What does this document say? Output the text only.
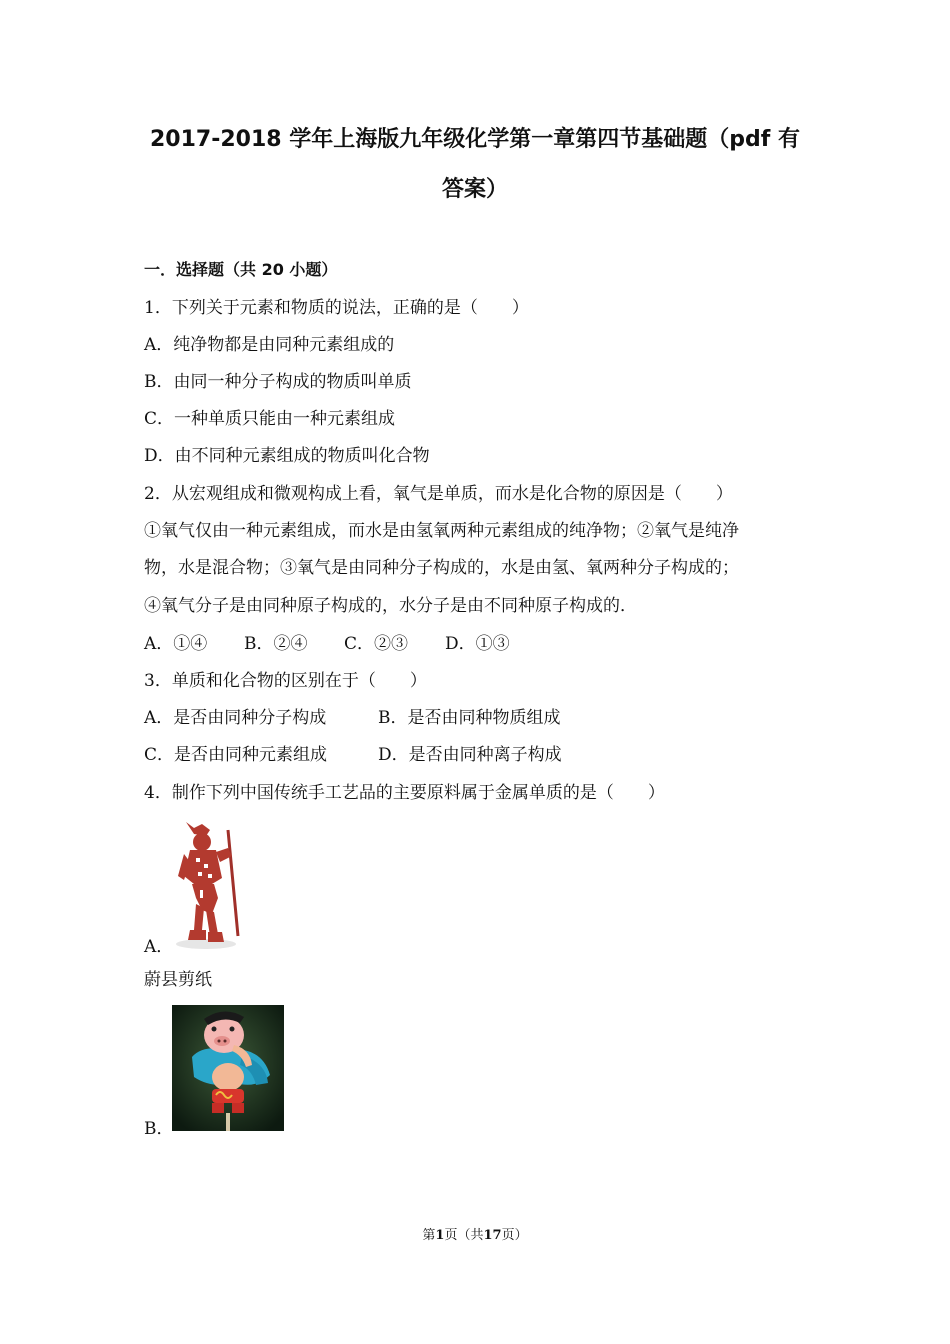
2017-2018 学年上海版九年级化学第一章第四节基础题（pdf 有
答案）
一．选择题（共 20 小题）

1．下列关于元素和物质的说法，正确的是（　　）

A．纯净物都是由同种元素组成的

B．由同一种分子构成的物质叫单质

C．一种单质只能由一种元素组成

D．由不同种元素组成的物质叫化合物

2．从宏观组成和微观构成上看，氧气是单质，而水是化合物的原因是（　　）

①氧气仅由一种元素组成，而水是由氢氧两种元素组成的纯净物；②氧气是纯净

物，水是混合物；③氧气是由同种分子构成的，水是由氢、氧两种分子构成的；

④氧气分子是由同种原子构成的，水分子是由不同种原子构成的．

A．①④ B．②④ C．②③ D．①③

3．单质和化合物的区别在于（　　）

A．是否由同种分子构成	B．是否由同种物质组成
C．是否由同种元素组成	D．是否由同种离子构成

4．制作下列中国传统手工艺品的主要原料属于金属单质的是（　　）

A．

蔚县剪纸

B．
第1页（共17页）
